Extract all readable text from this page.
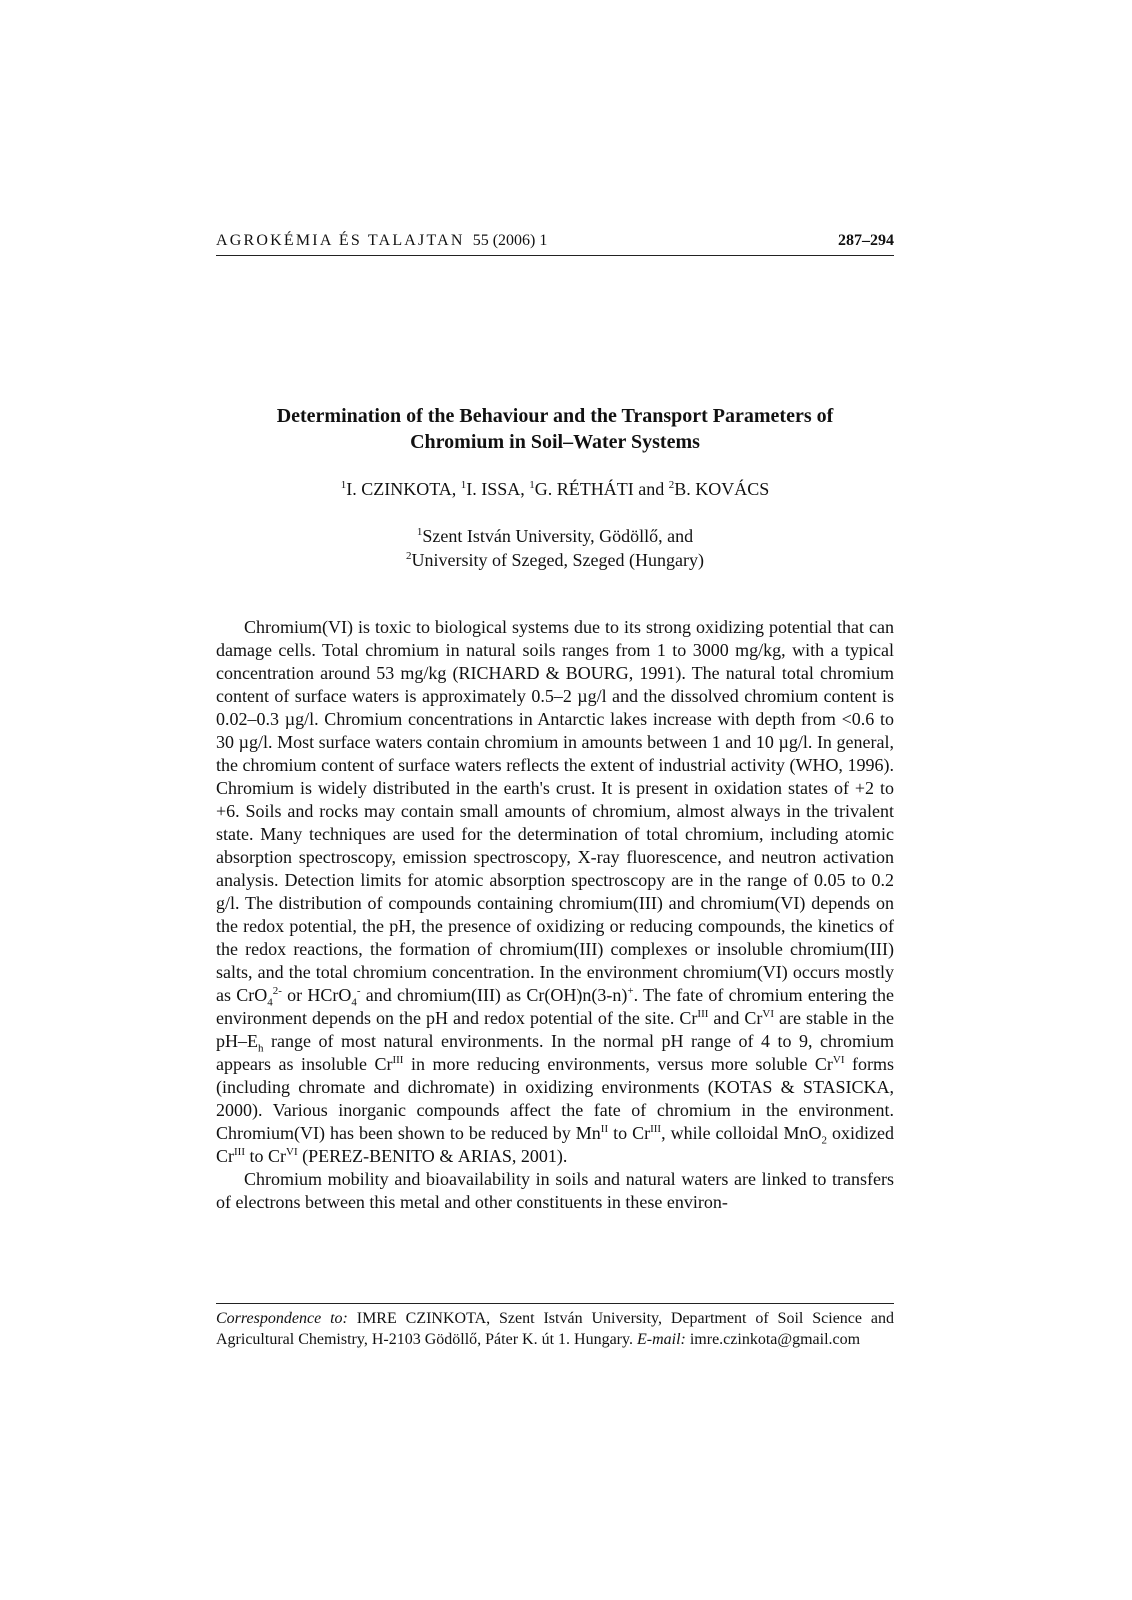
AGROKÉMIA ÉS TALAJTAN 55 (2006) 1	287–294
Determination of the Behaviour and the Transport Parameters of
Chromium in Soil–Water Systems
$^1$I. CZINKOTA, $^1$I. ISSA, $^1$G. RÉTHÁTI and $^2$B. KOVÁCS
$^1$Szent István University, Gödöllő, and
$^2$University of Szeged, Szeged (Hungary)

Chromium(VI) is toxic to biological systems due to its strong oxidizing potential that can damage cells. Total chromium in natural soils ranges from 1 to 3000 mg/kg, with a typical concentration around 53 mg/kg (RICHARD & BOURG, 1991). The natural total chromium content of surface waters is approximately 0.5–2 µg/l and the dissolved chromium content is 0.02–0.3 µg/l. Chromium concentrations in Antarctic lakes increase with depth from <0.6 to 30 µg/l. Most surface waters contain chromium in amounts between 1 and 10 µg/l. In general, the chromium content of surface waters reflects the extent of industrial activity (WHO, 1996). Chromium is widely distributed in the earth's crust. It is present in oxidation states of +2 to +6. Soils and rocks may contain small amounts of chromium, almost always in the trivalent state. Many techniques are used for the determination of total chromium, including atomic absorption spectroscopy, emission spectroscopy, X-ray fluorescence, and neutron activation analysis. Detection limits for atomic absorption spectroscopy are in the range of 0.05 to 0.2 g/l. The distribution of compounds containing chromium(III) and chromium(VI) depends on the redox potential, the pH, the presence of oxidizing or reducing compounds, the kinetics of the redox reactions, the formation of chromium(III) complexes or insoluble chromium(III) salts, and the total chromium concentration. In the environment chromium(VI) occurs mostly as CrO$_4^{2-}$ or HCrO$_4$- and chromium(III) as Cr(OH)n(3-n)+. The fate of chromium entering the environment depends on the pH and redox potential of the site. $Cr^{III}$ and $Cr^{VI}$ are stable in the $pH-E_h$ range of most natural environments. In the normal pH range of 4 to 9, chromium appears as insoluble $Cr^{III}$ in more reducing environments, versus more soluble $Cr^{VI}$ forms (including chromate and dichromate) in oxidizing environments (KOTAS & STASICKA, 2000). Various inorganic compounds affect the fate of chromium in the environment. Chromium(VI) has been shown to be reduced by $Mn^{II}$ to $Cr^{III}$, while colloidal MnO$_2$ oxidized $Cr^{III}$ to $Cr^{VI}$ (PEREZ-BENITO & ARIAS, 2001).

Chromium mobility and bioavailability in soils and natural waters are linked to transfers of electrons between this metal and other constituents in these environ-

Correspondence to: IMRE CZINKOTA, Szent István University, Department of Soil Science and Agricultural Chemistry, H-2103 Gödöllő, Páter K. út 1. Hungary. E-mail: imre.czinkota@gmail.com
